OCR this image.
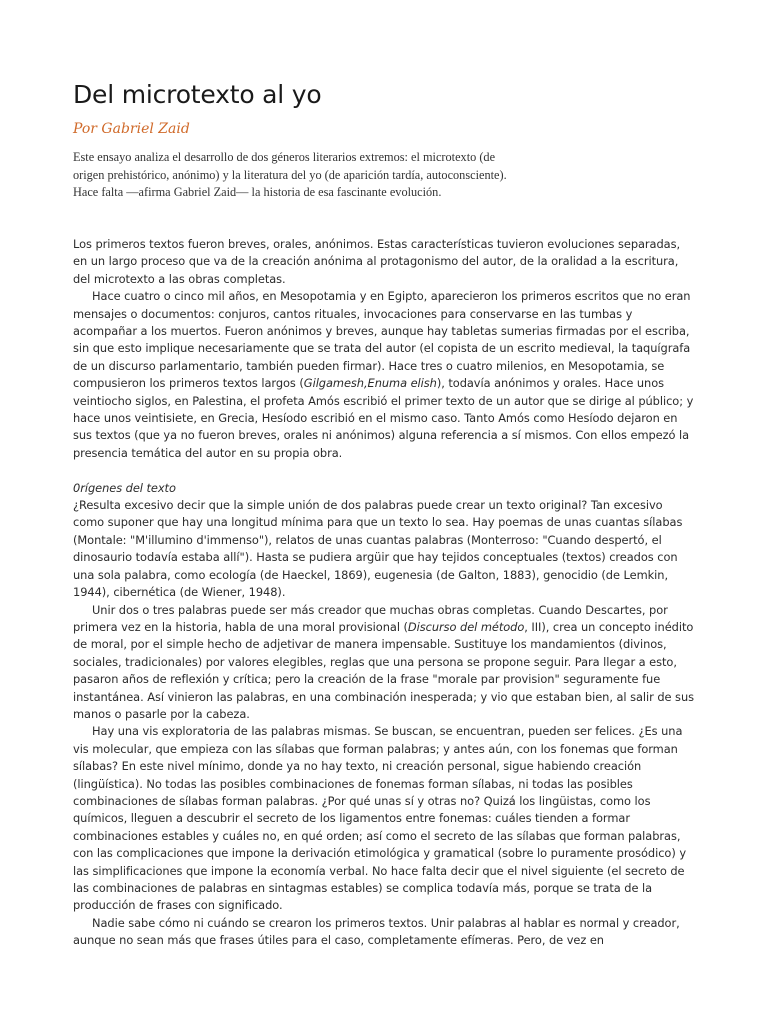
Del microtexto al yo

Por Gabriel Zaid

Este ensayo analiza el desarrollo de dos géneros literarios extremos: el microtexto (de origen prehistórico, anónimo) y la literatura del yo (de aparición tardía, autoconsciente). Hace falta —afirma Gabriel Zaid— la historia de esa fascinante evolución.

Los primeros textos fueron breves, orales, anónimos. Estas características tuvieron evoluciones separadas, en un largo proceso que va de la creación anónima al protagonismo del autor, de la oralidad a la escritura, del microtexto a las obras completas.

Hace cuatro o cinco mil años, en Mesopotamia y en Egipto, aparecieron los primeros escritos que no eran mensajes o documentos: conjuros, cantos rituales, invocaciones para conservarse en las tumbas y acompañar a los muertos. Fueron anónimos y breves, aunque hay tabletas sumerias firmadas por el escriba, sin que esto implique necesariamente que se trata del autor (el copista de un escrito medieval, la taquígrafa de un discurso parlamentario, también pueden firmar). Hace tres o cuatro milenios, en Mesopotamia, se compusieron los primeros textos largos (Gilgamesh,Enuma elish), todavía anónimos y orales. Hace unos veintiocho siglos, en Palestina, el profeta Amós escribió el primer texto de un autor que se dirige al público; y hace unos veintisiete, en Grecia, Hesíodo escribió en el mismo caso. Tanto Amós como Hesíodo dejaron en sus textos (que ya no fueron breves, orales ni anónimos) alguna referencia a sí mismos. Con ellos empezó la presencia temática del autor en su propia obra.

0rígenes del texto

¿Resulta excesivo decir que la simple unión de dos palabras puede crear un texto original? Tan excesivo como suponer que hay una longitud mínima para que un texto lo sea. Hay poemas de unas cuantas sílabas (Montale: "M'illumino d'immenso"), relatos de unas cuantas palabras (Monterroso: "Cuando despertó, el dinosaurio todavía estaba allí"). Hasta se pudiera argüir que hay tejidos conceptuales (textos) creados con una sola palabra, como ecología (de Haeckel, 1869), eugenesia (de Galton, 1883), genocidio (de Lemkin, 1944), cibernética (de Wiener, 1948).

Unir dos o tres palabras puede ser más creador que muchas obras completas. Cuando Descartes, por primera vez en la historia, habla de una moral provisional (Discurso del método, III), crea un concepto inédito de moral, por el simple hecho de adjetivar de manera impensable. Sustituye los mandamientos (divinos, sociales, tradicionales) por valores elegibles, reglas que una persona se propone seguir. Para llegar a esto, pasaron años de reflexión y crítica; pero la creación de la frase "morale par provision" seguramente fue instantánea. Así vinieron las palabras, en una combinación inesperada; y vio que estaban bien, al salir de sus manos o pasarle por la cabeza.

Hay una vis exploratoria de las palabras mismas. Se buscan, se encuentran, pueden ser felices. ¿Es una vis molecular, que empieza con las sílabas que forman palabras; y antes aún, con los fonemas que forman sílabas? En este nivel mínimo, donde ya no hay texto, ni creación personal, sigue habiendo creación (lingüística). No todas las posibles combinaciones de fonemas forman sílabas, ni todas las posibles combinaciones de sílabas forman palabras. ¿Por qué unas sí y otras no? Quizá los lingüistas, como los químicos, lleguen a descubrir el secreto de los ligamentos entre fonemas: cuáles tienden a formar combinaciones estables y cuáles no, en qué orden; así como el secreto de las sílabas que forman palabras, con las complicaciones que impone la derivación etimológica y gramatical (sobre lo puramente prosódico) y las simplificaciones que impone la economía verbal. No hace falta decir que el nivel siguiente (el secreto de las combinaciones de palabras en sintagmas estables) se complica todavía más, porque se trata de la producción de frases con significado.

Nadie sabe cómo ni cuándo se crearon los primeros textos. Unir palabras al hablar es normal y creador, aunque no sean más que frases útiles para el caso, completamente efímeras. Pero, de vez en
